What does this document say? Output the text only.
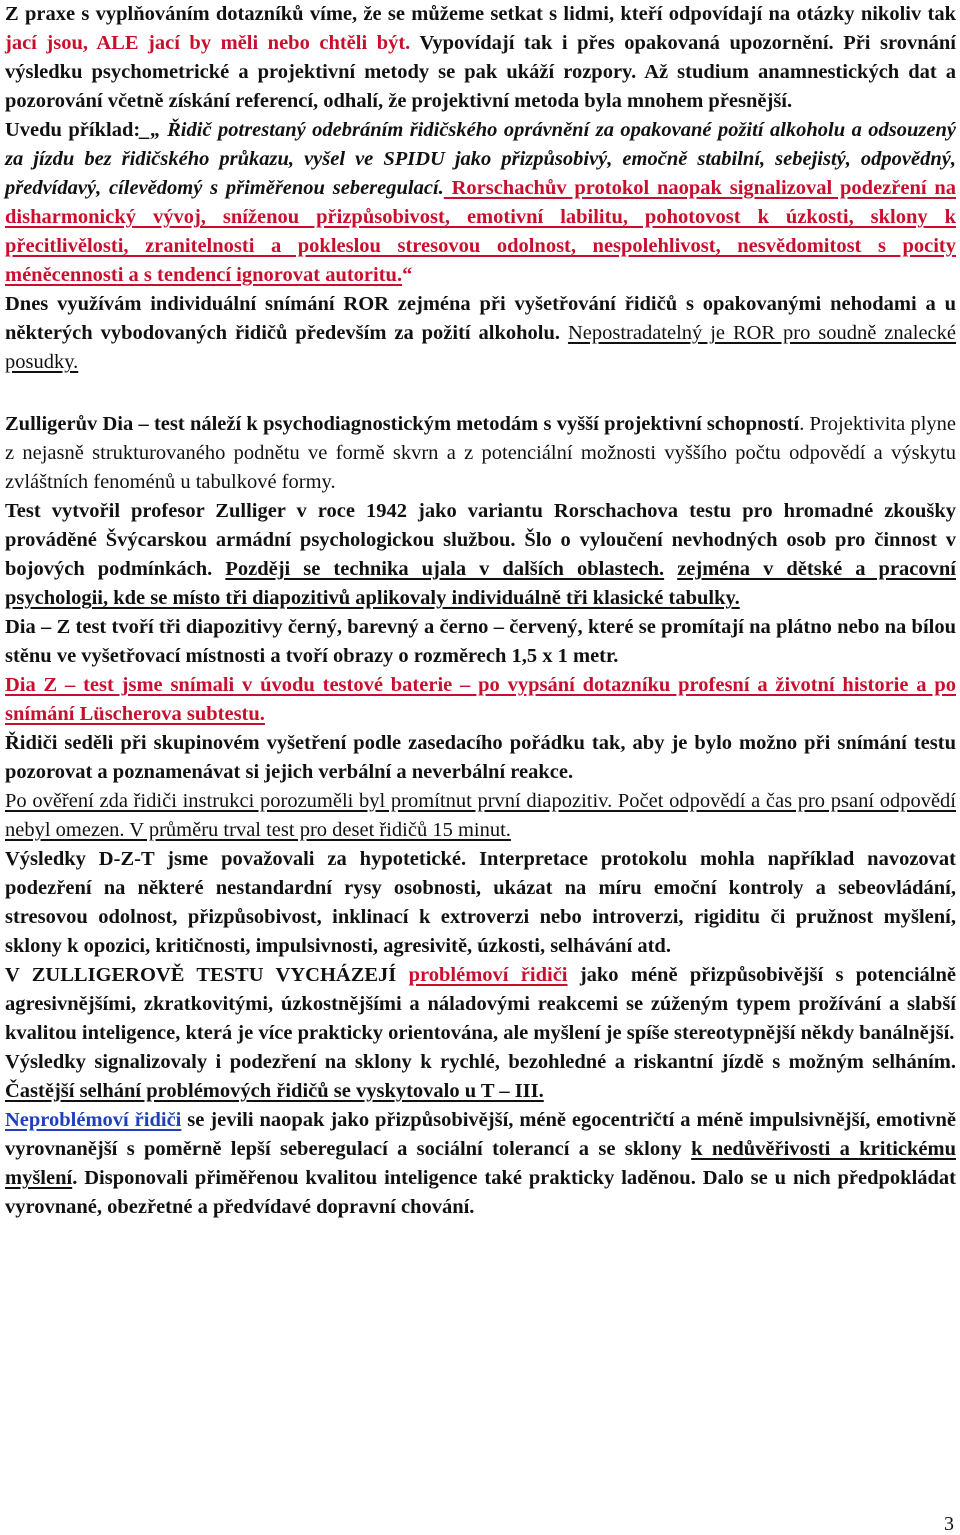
Z praxe s vyplňováním dotazníků víme, že se můžeme setkat s lidmi, kteří odpovídají na otázky nikoliv tak jací jsou, ALE jací by měli nebo chtěli být. Vypovídají tak i přes opakovaná upozornění. Při srovnání výsledku psychometrické a projektivní metody se pak ukáží rozpory. Až studium anamnestických dat a pozorování včetně získání referencí, odhalí, že projektivní metoda byla mnohem přesnější.

Uvedu příklad:_„ Řidič potrestaný odebráním řidičského oprávnění za opakované požití alkoholu a odsouzený za jízdu bez řidičského průkazu, vyšel ve SPIDU jako přizpůsobivý, emočně stabilní, sebejistý, odpovědný, předvídavý, cílevědomý s přiměřenou seberegulací. Rorschachův protokol naopak signalizoval podezření na disharmonický vývoj, sníženou přizpůsobivost, emotivní labilitu, pohotovost k úzkosti, sklony k přecitlivělosti, zranitelnosti a pokleslou stresovou odolnost, nespolehlivost, nesvědomitost s pocity méněcennosti a s tendencí ignorovat autoritu.“

Dnes využívám individuální snímání ROR zejména při vyšetřování řidičů s opakovanými nehodami a u některých vybodovaných řidičů především za požití alkoholu. Nepostradatelný je ROR pro soudně znalecké posudky.

Zulligerův Dia – test náleží k psychodiagnostickým metodám s vyšší projektivní schopností. Projektivita plyne z nejasně strukturovaného podnětu ve formě skvrn a z potenciální možnosti vyššího počtu odpovědí a výskytu zvláštních fenoménů u tabulkové formy.

Test vytvořil profesor Zulliger v roce 1942 jako variantu Rorschachova testu pro hromadné zkoušky prováděné Švýcarskou armádní psychologickou službou. Šlo o vyloučení nevhodných osob pro činnost v bojových podmínkách. Později se technika ujala v dalších oblastech. zejména v dětské a pracovní psychologii, kde se místo tři diapozitivů aplikovaly individuálně tři klasické tabulky.

Dia – Z test tvoří tři diapozitivy černý, barevný a černo – červený, které se promítají na plátno nebo na bílou stěnu ve vyšetřovací místnosti a tvoří obrazy o rozměrech 1,5 x 1 metr.

Dia Z – test jsme snímali v úvodu testové baterie – po vypsání dotazníku profesní a životní historie a po snímání Lüscherova subtestu.

Řidiči seděli při skupinovém vyšetření podle zasedacího pořádku tak, aby je bylo možno při snímání testu pozorovat a poznamenávat si jejich verbální a neverbální reakce.

Po ověření zda řidiči instrukci porozuměli byl promítnut první diapozitiv. Počet odpovědí a čas pro psaní odpovědí nebyl omezen. V průměru trval test pro deset řidičů 15 minut.

Výsledky D-Z-T jsme považovali za hypotetické. Interpretace protokolu mohla například navozovat podezření na některé nestandardní rysy osobnosti, ukázat na míru emoční kontroly a sebeovládání, stresovou odolnost, přizpůsobivost, inklinací k extroverzi nebo introverzi, rigiditu či pružnost myšlení, sklony k opozici, kritičnosti, impulsivnosti, agresivitě, úzkosti, selhávání atd.

V ZULLIGEROVĚ TESTU VYCHÁZEJÍ problémoví řidiči jako méně přizpůsobivější s potenciálně agresivnějšími, zkratkovitými, úzkostnějšími a náladovými reakcemi se zúženým typem prožívání a slabší kvalitou inteligence, která je více prakticky orientována, ale myšlení je spíše stereotypnější někdy banálnější.

Výsledky signalizovaly i podezření na sklony k rychlé, bezohledné a riskantní jízdě s možným selháním. Častější selhání problémových řidičů se vyskytovalo u T – III.

Neproblémoví řidiči se jevili naopak jako přizpůsobivější, méně egocentričtí a méně impulsivnější, emotivně vyrovnanější s poměrně lepší seberegulací a sociální tolerancí a se sklony k nedůvěřivosti a kritickému myšlení. Disponovali přiměřenou kvalitou inteligence také prakticky laděnou. Dalo se u nich předpokládat vyrovnané, obezřetné a předvídavé dopravní chování.

3
